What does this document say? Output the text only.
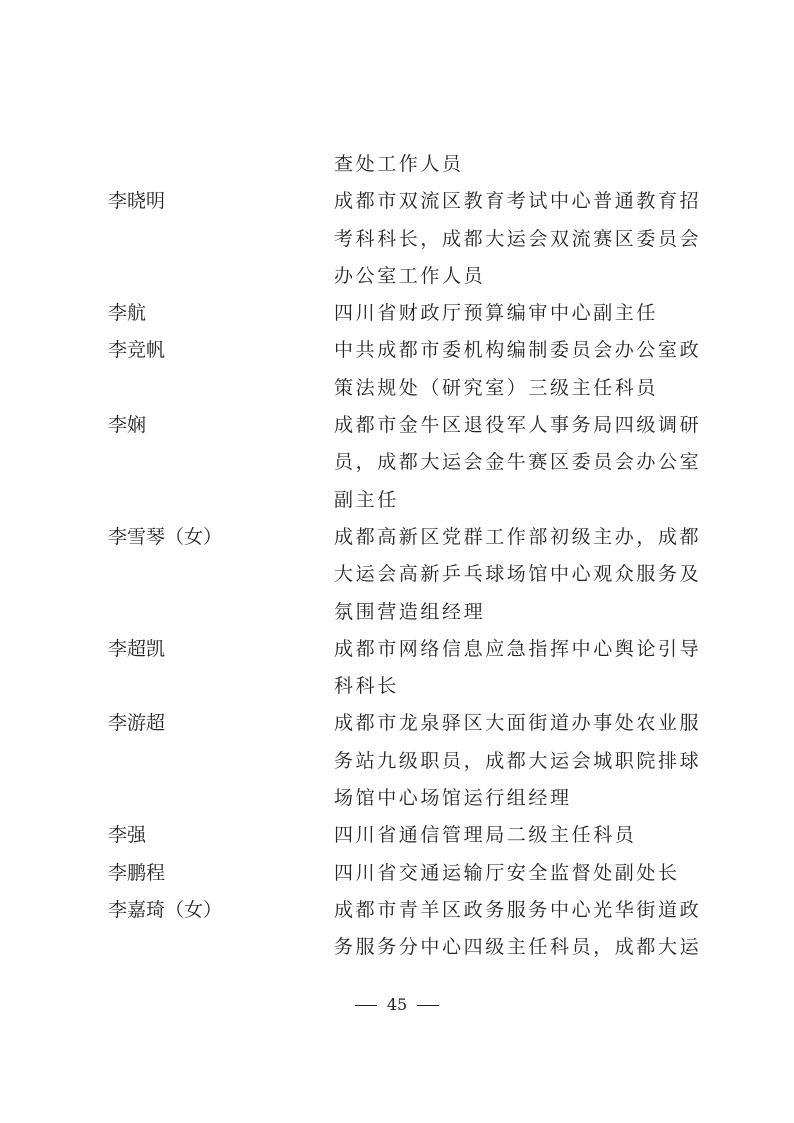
查处工作人员
李晓明	成都市双流区教育考试中心普通教育招
考科科长，成都大运会双流赛区委员会
办公室工作人员
李航	四川省财政厅预算编审中心副主任
李竞帆	中共成都市委机构编制委员会办公室政
策法规处（研究室）三级主任科员
李娴	成都市金牛区退役军人事务局四级调研
员，成都大运会金牛赛区委员会办公室
副主任
李雪琴（女）	成都高新区党群工作部初级主办，成都
大运会高新乒乓球场馆中心观众服务及
氛围营造组经理
李超凯	成都市网络信息应急指挥中心舆论引导
科科长
李游超	成都市龙泉驿区大面街道办事处农业服
务站九级职员，成都大运会城职院排球
场馆中心场馆运行组经理
李强	四川省通信管理局二级主任科员
李鹏程	四川省交通运输厅安全监督处副处长
李嘉琦（女）	成都市青羊区政务服务中心光华街道政
务服务分中心四级主任科员，成都大运
45
